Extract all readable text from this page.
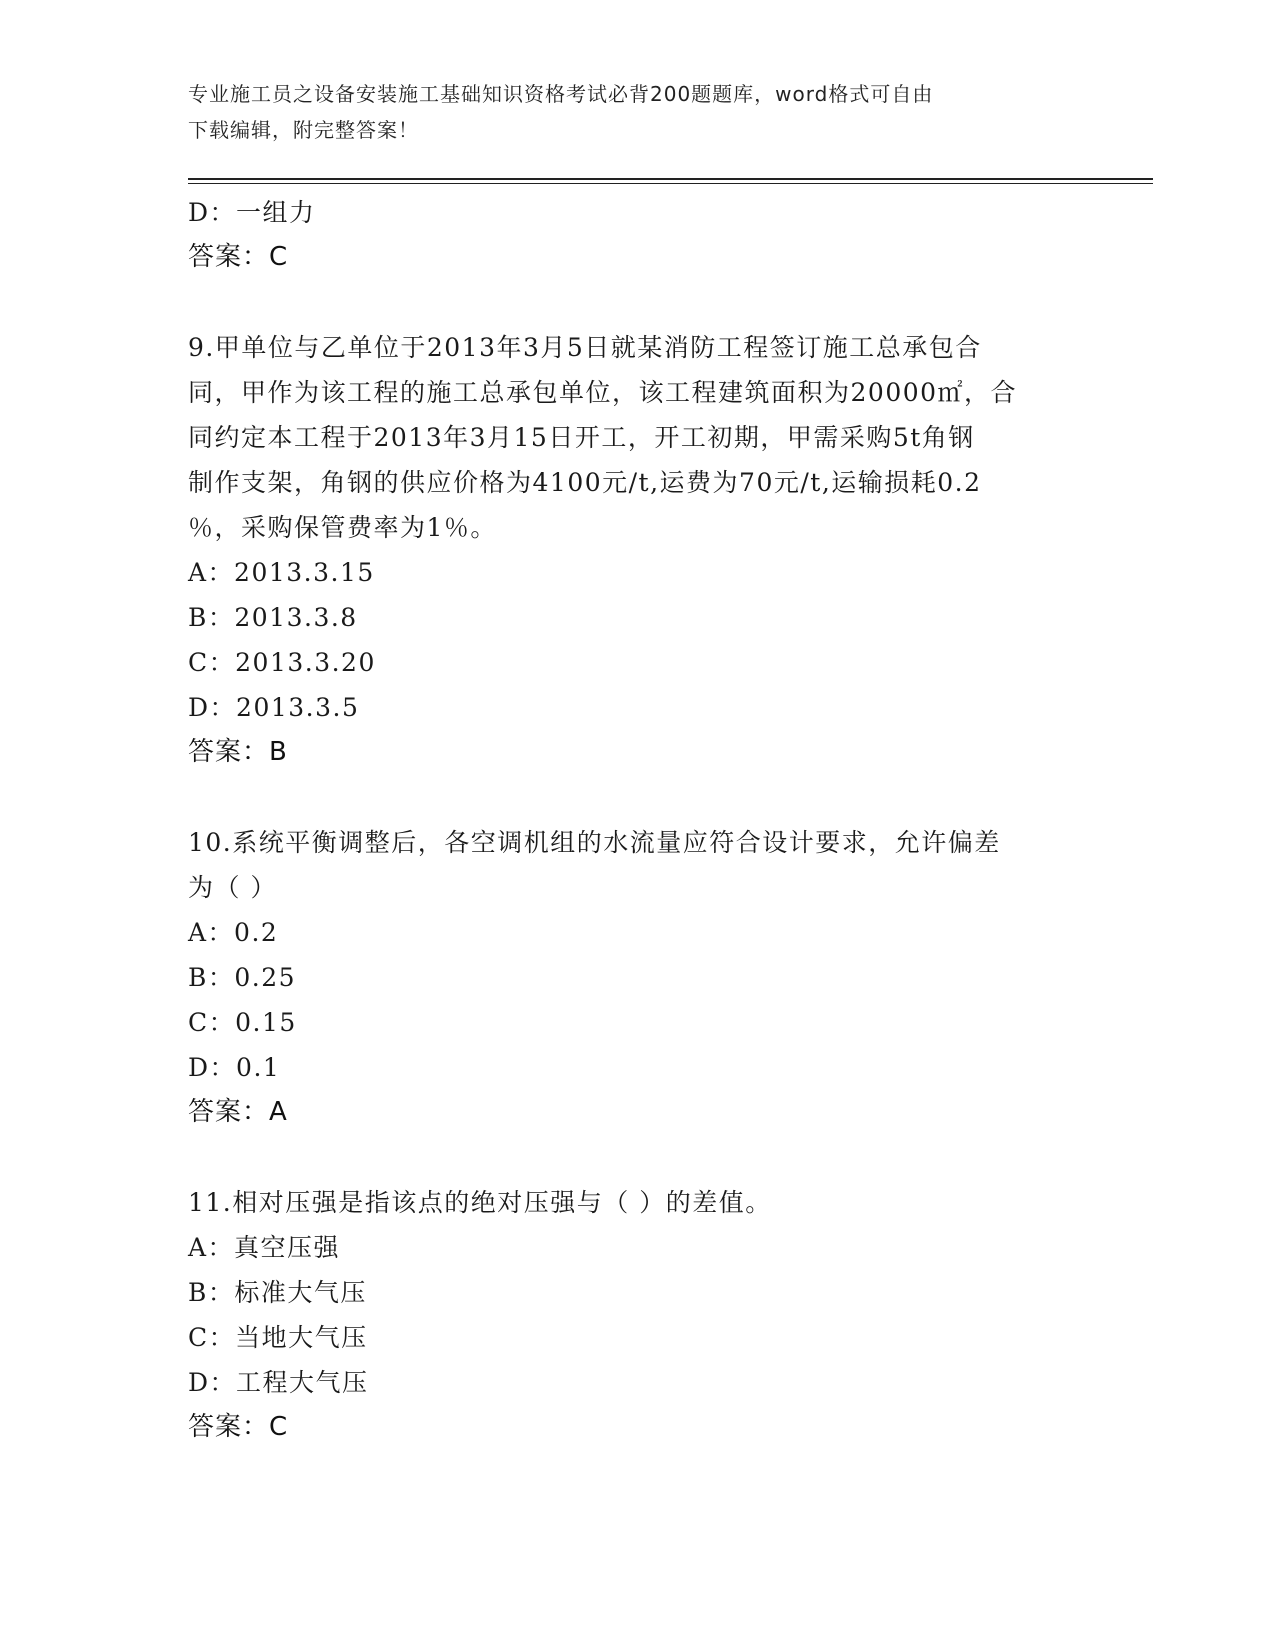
专业施工员之设备安装施工基础知识资格考试必背200题题库，word格式可自由
下载编辑，附完整答案！
D：一组力
答案：C
9.甲单位与乙单位于2013年3月5日就某消防工程签订施工总承包合
同，甲作为该工程的施工总承包单位，该工程建筑面积为20000㎡，合
同约定本工程于2013年3月15日开工，开工初期，甲需采购5t角钢
制作支架，角钢的供应价格为4100元/t,运费为70元/t,运输损耗0.2
％，采购保管费率为1％。
A：2013.3.15
B：2013.3.8
C：2013.3.20
D：2013.3.5
答案：B
10.系统平衡调整后，各空调机组的水流量应符合设计要求，允许偏差
为（ ）
A：0.2
B：0.25
C：0.15
D：0.1
答案：A
11.相对压强是指该点的绝对压强与（ ）的差值。
A：真空压强
B：标准大气压
C：当地大气压
D：工程大气压
答案：C
